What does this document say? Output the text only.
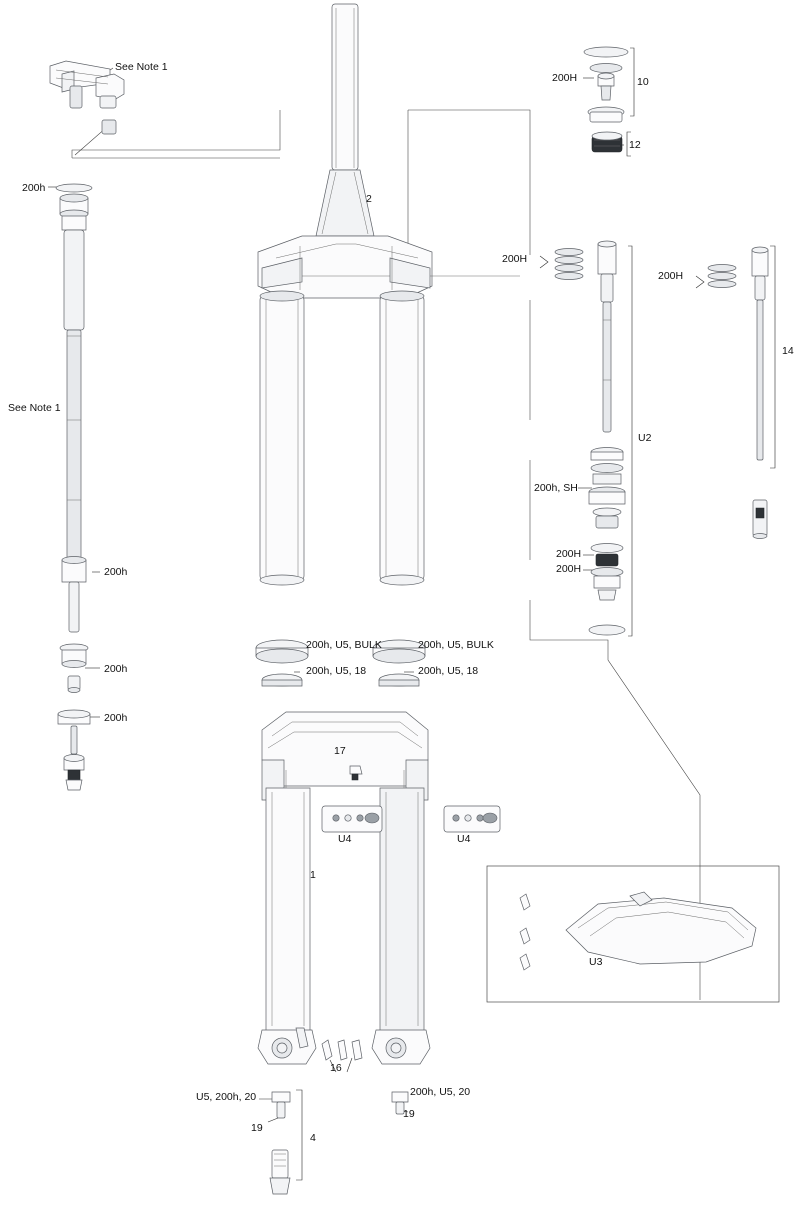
See Note 1
See Note 1
200h
200h
200h
200h
2
200H	10
12
200H
200H
14
U2
200h, SH
200H
200H
200h, U5, BULK
200h, U5, 18
200h, U5, BULK
200h, U5, 18
17
U4	U4
1
U3
16
U5, 200h, 20	200h, U5, 20
19
19
4
